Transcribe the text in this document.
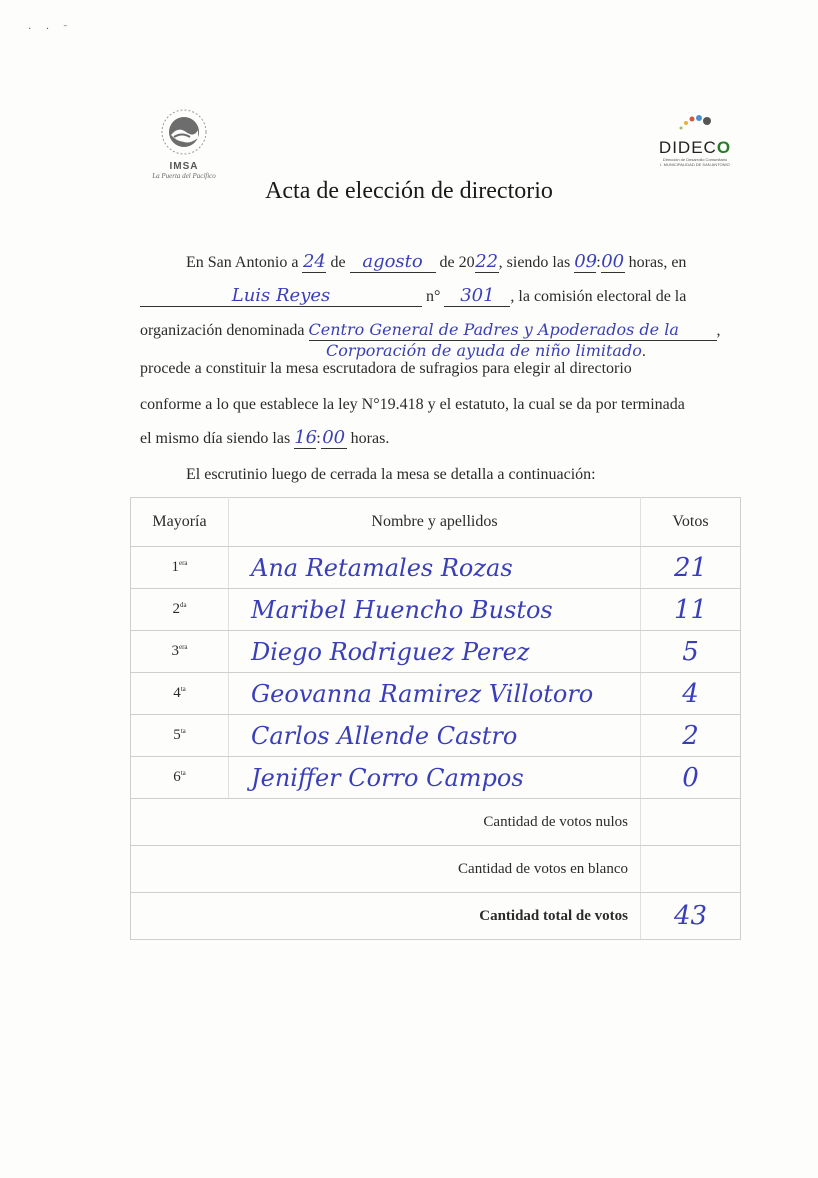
· · ˉ
IMSA
La Puerta del Pacífico
DIDECO
Dirección de Desarrollo Comunitario
I. MUNICIPALIDAD DE SAN ANTONIO
Acta de elección de directorio
En San Antonio a 24 de agosto de 2022, siendo las 09:00 horas, en
Luis Reyes	n° 301 , la comisión electoral de la
organización denominada Centro General de Padres y Apoderados de la ,
Corporación de ayuda de niño limitado.
procede a constituir la mesa escrutadora de sufragios para elegir al directorio
conforme a lo que establece la ley N°19.418 y el estatuto, la cual se da por terminada
el mismo día siendo las 16:00 horas.
El escrutinio luego de cerrada la mesa se detalla a continuación:
Mayoría	Nombre y apellidos	Votos
$1^{era}$	Ana Retamales Rozas	21
$2^{da}$	Maribel Huencho Bustos	11
$3^{era}$	Diego Rodriguez Perez	5
$4^{ta}$	Geovanna Ramirez Villotoro	4
$5^{ta}$	Carlos Allende Castro	2
$6^{ta}$	Jeniffer Corro Campos	0
Cantidad de votos nulos		
Cantidad de votos en blanco		
Cantidad total de votos		43
